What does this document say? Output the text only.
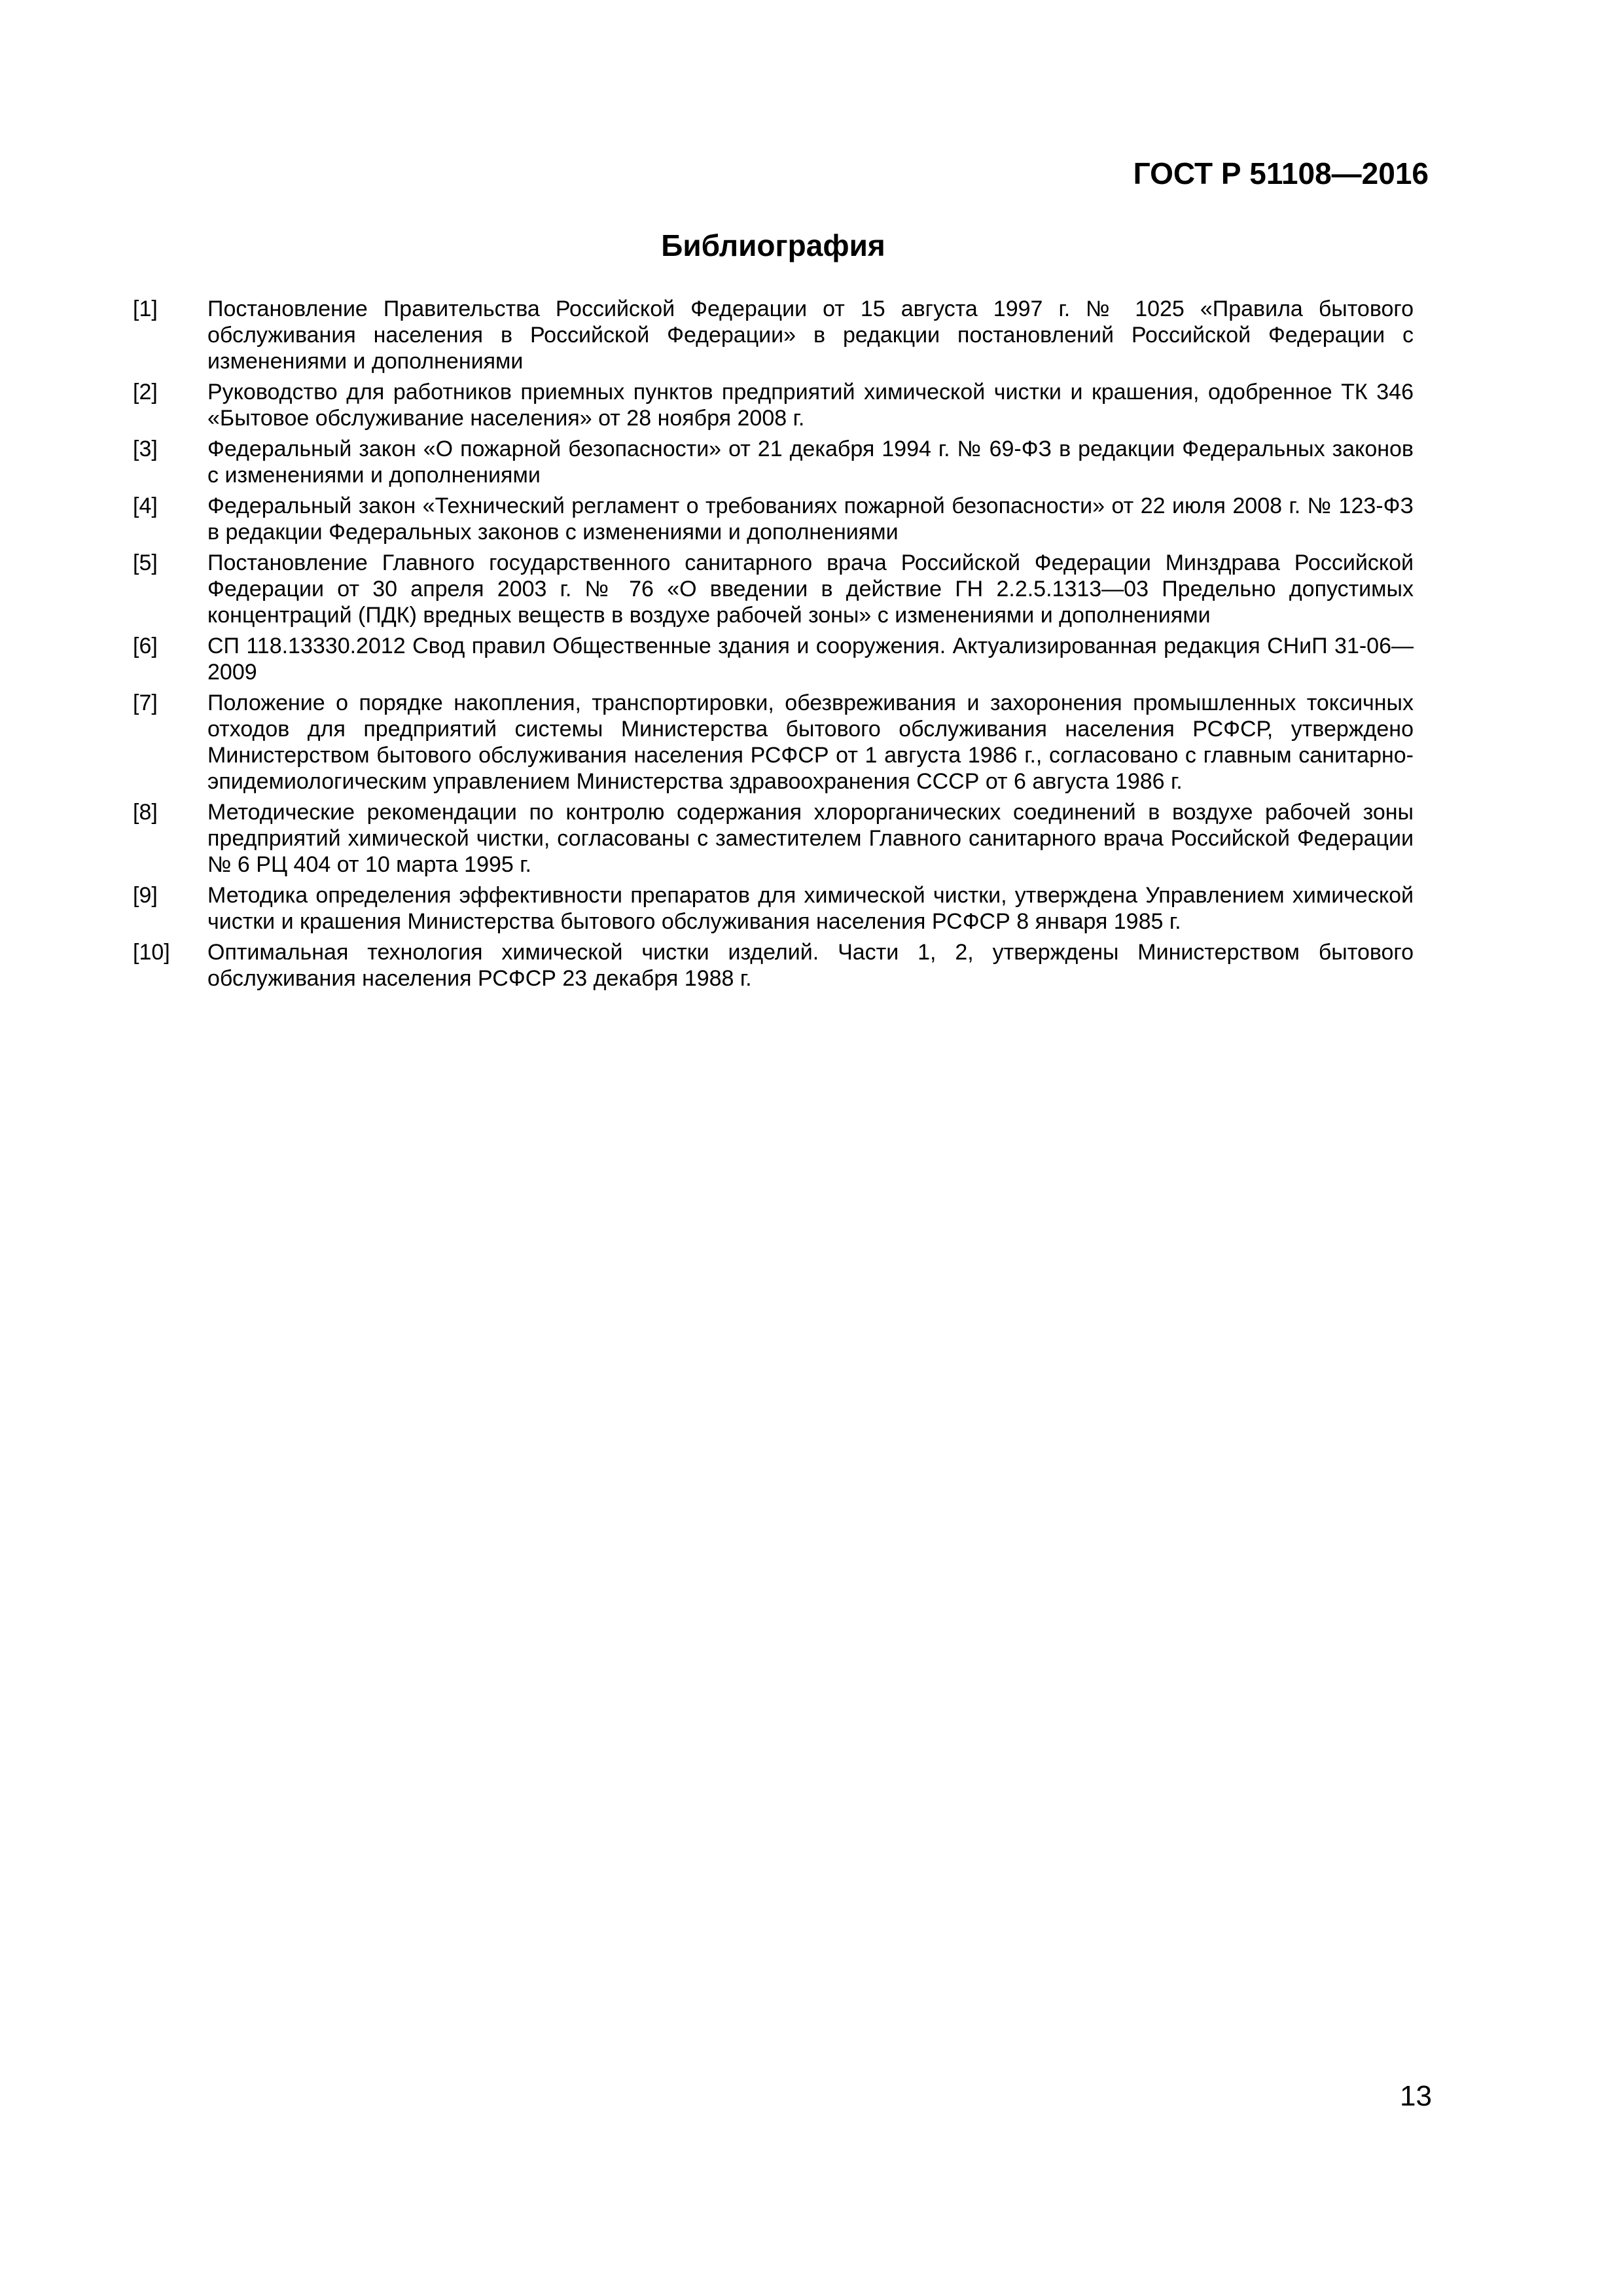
ГОСТ Р 51108—2016
Библиография
[1]	Постановление Правительства Российской Федерации от 15 августа 1997 г. № 1025 «Правила бытового обслуживания населения в Российской Федерации» в редакции постановлений Российской Федерации с изменениями и дополнениями
[2]	Руководство для работников приемных пунктов предприятий химической чистки и крашения, одобренное ТК 346 «Бытовое обслуживание населения» от 28 ноября 2008 г.
[3]	Федеральный закон «О пожарной безопасности» от 21 декабря 1994 г. № 69-ФЗ в редакции Федеральных законов с изменениями и дополнениями
[4]	Федеральный закон «Технический регламент о требованиях пожарной безопасности» от 22 июля 2008 г. № 123-ФЗ в редакции Федеральных законов с изменениями и дополнениями
[5]	Постановление Главного государственного санитарного врача Российской Федерации Минздрава Российской Федерации от 30 апреля 2003 г. № 76 «О введении в действие ГН 2.2.5.1313—03 Предельно допустимых концентраций (ПДК) вредных веществ в воздухе рабочей зоны» с изменениями и дополнениями
[6]	СП 118.13330.2012 Свод правил Общественные здания и сооружения. Актуализированная редакция СНиП 31-06—2009
[7]	Положение о порядке накопления, транспортировки, обезвреживания и захоронения промышленных токсичных отходов для предприятий системы Министерства бытового обслуживания населения РСФСР, утверждено Министерством бытового обслуживания населения РСФСР от 1 августа 1986 г., согласовано с главным санитарно-эпидемиологическим управлением Министерства здравоохранения СССР от 6 августа 1986 г.
[8]	Методические рекомендации по контролю содержания хлорорганических соединений в воздухе рабочей зоны предприятий химической чистки, согласованы с заместителем Главного санитарного врача Российской Федерации № 6 РЦ 404 от 10 марта 1995 г.
[9]	Методика определения эффективности препаратов для химической чистки, утверждена Управлением химической чистки и крашения Министерства бытового обслуживания населения РСФСР 8 января 1985 г.
[10]	Оптимальная технология химической чистки изделий. Части 1, 2, утверждены Министерством бытового обслуживания населения РСФСР 23 декабря 1988 г.
13
